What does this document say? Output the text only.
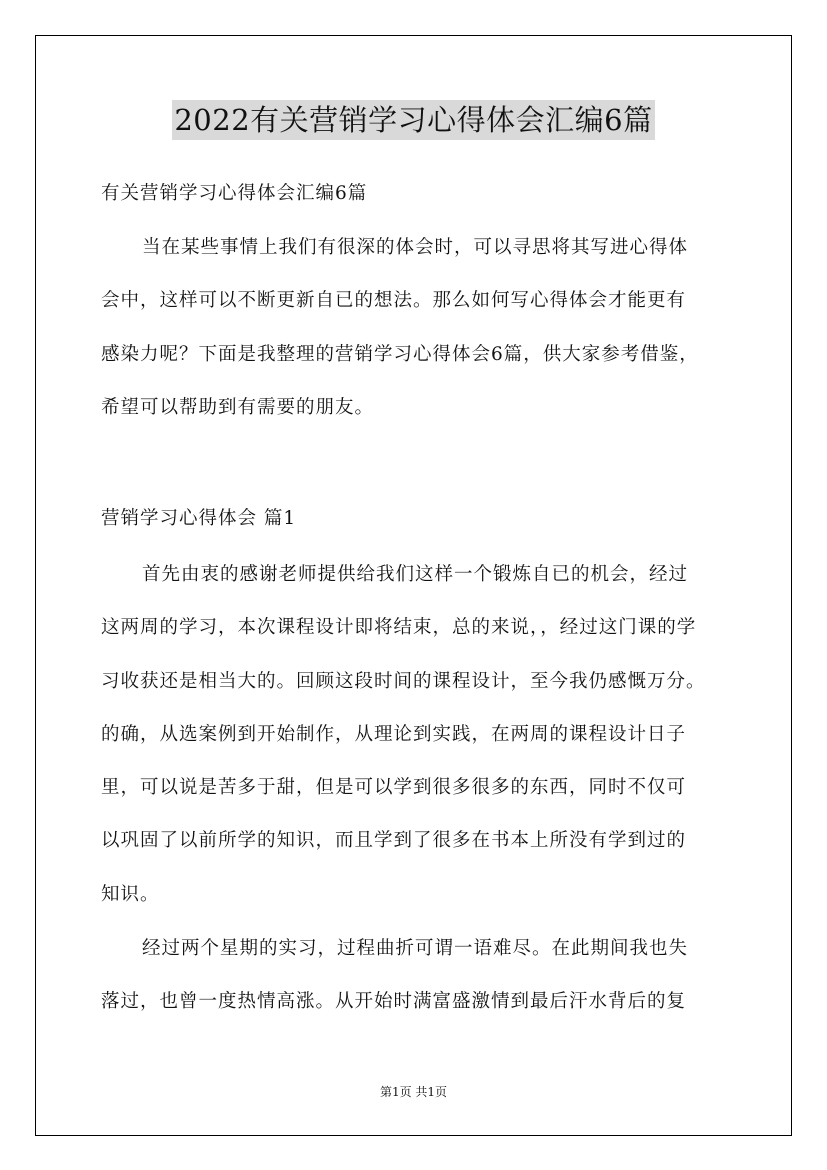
2022有关营销学习心得体会汇编6篇
有关营销学习心得体会汇编6篇
当在某些事情上我们有很深的体会时，可以寻思将其写进心得体
会中，这样可以不断更新自已的想法。那么如何写心得体会才能更有
感染力呢？下面是我整理的营销学习心得体会6篇，供大家参考借鉴，
希望可以帮助到有需要的朋友。
营销学习心得体会 篇1
首先由衷的感谢老师提供给我们这样一个锻炼自已的机会，经过
这两周的学习，本次课程设计即将结束，总的来说，，经过这门课的学
习收获还是相当大的。回顾这段时间的课程设计，至今我仍感慨万分。
的确，从选案例到开始制作，从理论到实践，在两周的课程设计日子
里，可以说是苦多于甜，但是可以学到很多很多的东西，同时不仅可
以巩固了以前所学的知识，而且学到了很多在书本上所没有学到过的
知识。
经过两个星期的实习，过程曲折可谓一语难尽。在此期间我也失
落过，也曾一度热情高涨。从开始时满富盛激情到最后汗水背后的复
第1页 共1页
